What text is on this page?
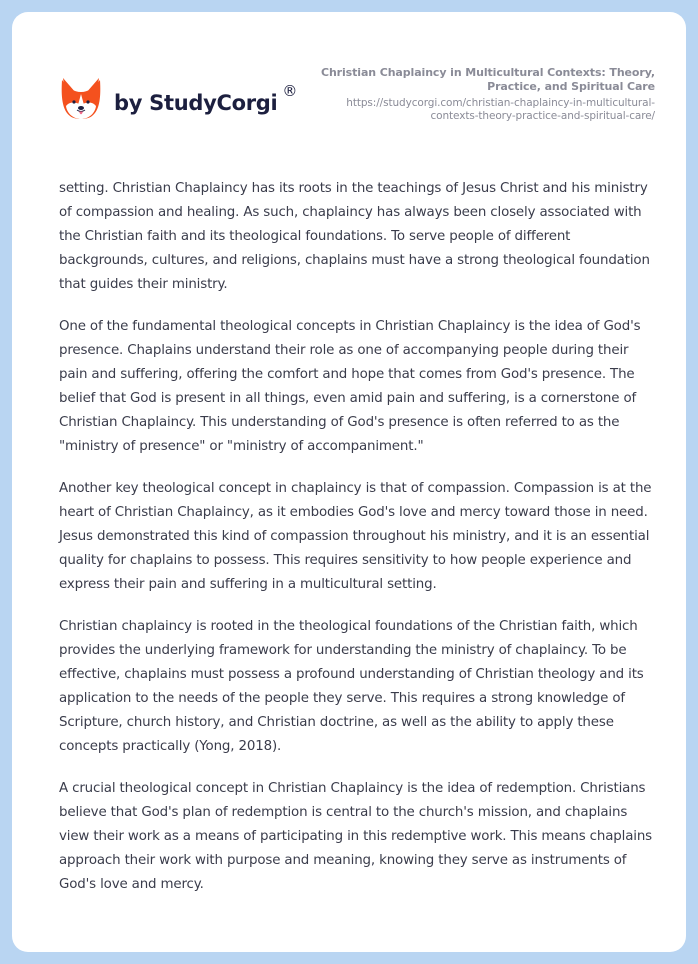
by StudyCorgi ®
Christian Chaplaincy in Multicultural Contexts: Theory,
Practice, and Spiritual Care
https://studycorgi.com/christian-chaplaincy-in-multicultural-
contexts-theory-practice-and-spiritual-care/

setting. Christian Chaplaincy has its roots in the teachings of Jesus Christ and his ministry of compassion and healing. As such, chaplaincy has always been closely associated with the Christian faith and its theological foundations. To serve people of different backgrounds, cultures, and religions, chaplains must have a strong theological foundation that guides their ministry.

One of the fundamental theological concepts in Christian Chaplaincy is the idea of God's presence. Chaplains understand their role as one of accompanying people during their pain and suffering, offering the comfort and hope that comes from God's presence. The belief that God is present in all things, even amid pain and suffering, is a cornerstone of Christian Chaplaincy. This understanding of God's presence is often referred to as the "ministry of presence" or "ministry of accompaniment."

Another key theological concept in chaplaincy is that of compassion. Compassion is at the heart of Christian Chaplaincy, as it embodies God's love and mercy toward those in need. Jesus demonstrated this kind of compassion throughout his ministry, and it is an essential quality for chaplains to possess. This requires sensitivity to how people experience and express their pain and suffering in a multicultural setting.

Christian chaplaincy is rooted in the theological foundations of the Christian faith, which provides the underlying framework for understanding the ministry of chaplaincy. To be effective, chaplains must possess a profound understanding of Christian theology and its application to the needs of the people they serve. This requires a strong knowledge of Scripture, church history, and Christian doctrine, as well as the ability to apply these concepts practically (Yong, 2018).

A crucial theological concept in Christian Chaplaincy is the idea of redemption. Christians believe that God's plan of redemption is central to the church's mission, and chaplains view their work as a means of participating in this redemptive work. This means chaplains approach their work with purpose and meaning, knowing they serve as instruments of God's love and mercy.
